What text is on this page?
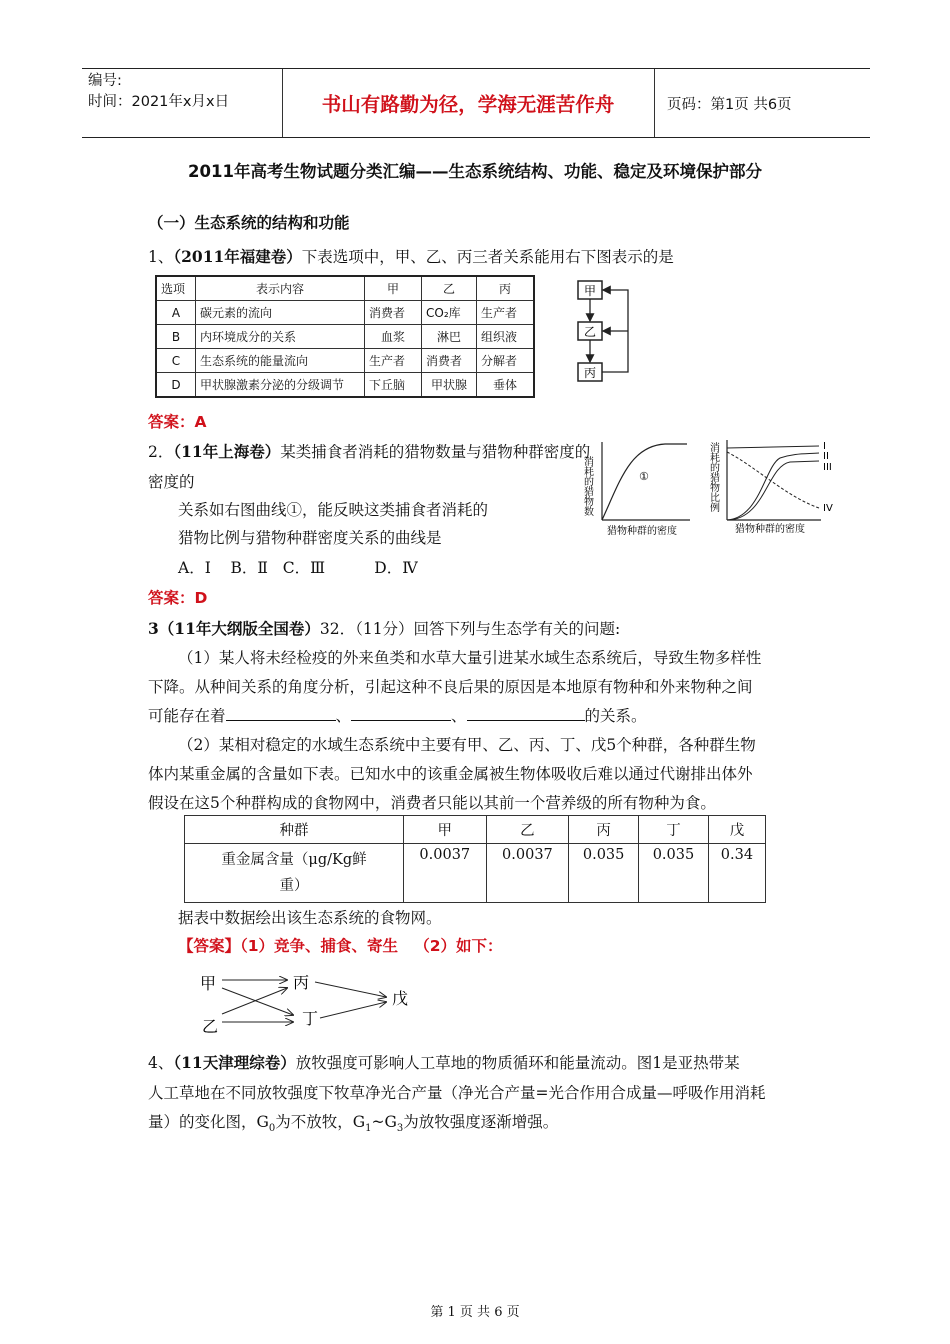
编号:
时间：2021年x月x日	书山有路勤为径，学海无涯苦作舟	页码：第1页 共6页
2011年高考生物试题分类汇编——生态系统结构、功能、稳定及环境保护部分
（一）生态系统的结构和功能
1、（2011年福建卷）下表选项中，甲、乙、丙三者关系能用右下图表示的是
选项	表示内容	甲	乙	丙
A	碳元素的流向	消费者	CO₂库	生产者
B	内环境成分的关系	血浆	淋巴	组织液
C	生态系统的能量流向	生产者	消费者	分解者
D	甲状腺激素分泌的分级调节	下丘脑	甲状腺	垂体
甲
乙
丙
答案：A
2．（11年上海卷）某类捕食者消耗的猎物数量与猎物种群密度的
密度的
关系如右图曲线①，能反映这类捕食者消耗的
猎物比例与猎物种群密度关系的曲线是
A．Ⅰ    B．Ⅱ   C．Ⅲ          D．Ⅳ
消耗的猎物数	①
猎物种群的密度
消耗的猎物比例	I
II
III
IV
猎物种群的密度
答案：D
3（11年大纲版全国卷）32．（11分）回答下列与生态学有关的问题:
（1）某人将未经检疫的外来鱼类和水草大量引进某水域生态系统后，导致生物多样性
下降。从种间关系的角度分析，引起这种不良后果的原因是本地原有物种和外来物种之间
可能存在着	、	、	的关系。
（2）某相对稳定的水域生态系统中主要有甲、乙、丙、丁、戊5个种群，各种群生物
体内某重金属的含量如下表。已知水中的该重金属被生物体吸收后难以通过代谢排出体外
假设在这5个种群构成的食物网中，消费者只能以其前一个营养级的所有物种为食。
种群	甲	乙	丙	丁	戊

重金属含量（μg/Kg鲜
重）	0.0037	0.0037	0.035	0.035	0.34
据表中数据绘出该生态系统的食物网。
【答案】（1）竞争、捕食、寄生   （2）如下：
甲
乙
丙
丁
戊
4、（11天津理综卷）放牧强度可影响人工草地的物质循环和能量流动。图1是亚热带某
人工草地在不同放牧强度下牧草净光合产量（净光合产量=光合作用合成量—呼吸作用消耗
量）的变化图，$G_0$为不放牧，$G_1\sim G_3$为放牧强度逐渐增强。
第 1 页 共 6 页
